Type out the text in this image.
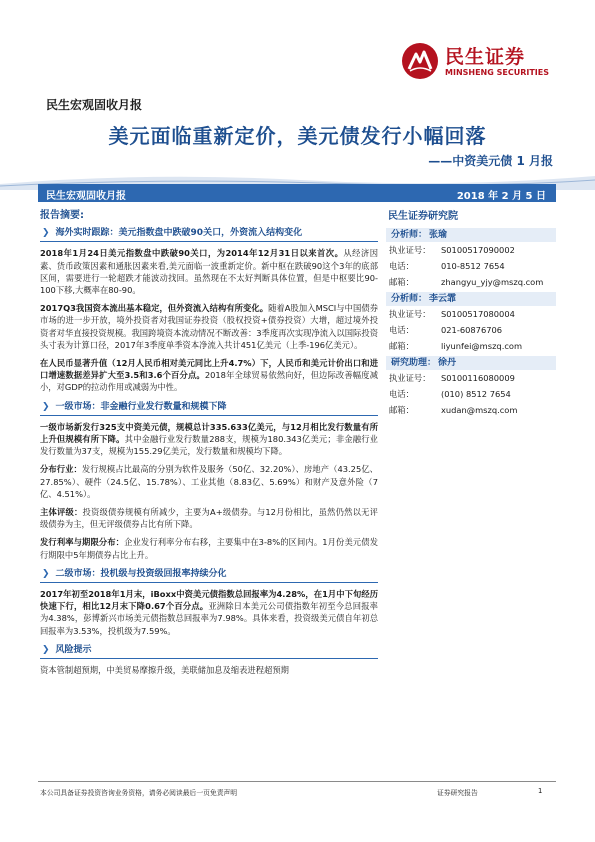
民生宏观固收月报
民生证券
MINSHENG SECURITIES
美元面临重新定价，美元债发行小幅回落
——中资美元债 1 月报
民生宏观固收月报	2018 年 2 月 5 日
报告摘要:
❯ 海外实时跟踪：美元指数盘中跌破90关口，外资流入结构变化

2018年1月24日美元指数盘中跌破90关口，为2014年12月31日以来首次。从经济因素、货币政策因素和通胀因素来看,美元面临一波重新定价。新中枢在跌破90这个3年的底部区间，需要进行一轮超跌才能波动找回。虽然现在不太好判断具体位置，但是中枢要比90-100下移,大概率在80-90。

2017Q3我国资本流出基本稳定，但外资流入结构有所变化。随着A股加入MSCI与中国债券市场的进一步开放，境外投资者对我国证券投资（股权投资+债券投资）大增，超过境外投资者对华直接投资规模。我国跨境资本流动情况不断改善：3季度再次实现净流入以国际投资头寸表为计算口径，2017年3季度单季资本净流入共计451亿美元（上季-196亿美元）。

在人民币显著升值（12月人民币相对美元同比上升4.7%）下，人民币和美元计价出口和进口增速数据差异扩大至3.5和3.6个百分点。2018年全球贸易依然向好，但边际改善幅度减小，对GDP的拉动作用或减弱为中性。

❯ 一级市场：非金融行业发行数量和规模下降

一级市场新发行325支中资美元债，规模总计335.633亿美元，与12月相比发行数量有所上升但规模有所下降。其中金融行业发行数量288支，规模为180.343亿美元；非金融行业发行数量为37支，规模为155.29亿美元，发行数量和规模均下降。

分布行业：发行规模占比最高的分别为软件及服务（50亿、32.20%）、房地产（43.25亿、27.85%）、硬件（24.5亿、15.78%）、工业其他（8.83亿、5.69%）和财产及意外险（7亿、4.51%）。

主体评级：投资级债券规模有所减少，主要为A+级债券。与12月份相比，虽然仍然以无评级债券为主，但无评级债券占比有所下降。

发行利率与期限分布：企业发行利率分布右移，主要集中在3-8%的区间内。1月份美元债发行期限中5年期债券占比上升。

❯ 二级市场：投机级与投资级回报率持续分化

2017年初至2018年1月末，iBoxx中资美元债指数总回报率为4.28%，在1月中下旬经历快速下行，相比12月末下降0.67个百分点。亚洲除日本美元公司债指数年初至今总回报率为4.38%，彭博新兴市场美元债指数总回报率为7.98%。具体来看，投资级美元债自年初总回报率为3.53%，投机级为7.59%。

❯ 风险提示

资本管制超预期，中美贸易摩擦升级，美联储加息及缩表进程超预期

民生证券研究院
分析师： 张瑜
执业证号： S0100517090002
电话：	010-8512 7654
邮箱：	zhangyu_yjy@mszq.com
分析师： 李云霏
执业证号： S0100517080004
电话：	021-60876706
邮箱：	liyunfei@mszq.com
研究助理： 徐丹
执业证号： S0100116080009
电话：	(010) 8512 7654
邮箱：	xudan@mszq.com
本公司具备证券投资咨询业务资格，请务必阅读最后一页免责声明	证券研究报告	1
